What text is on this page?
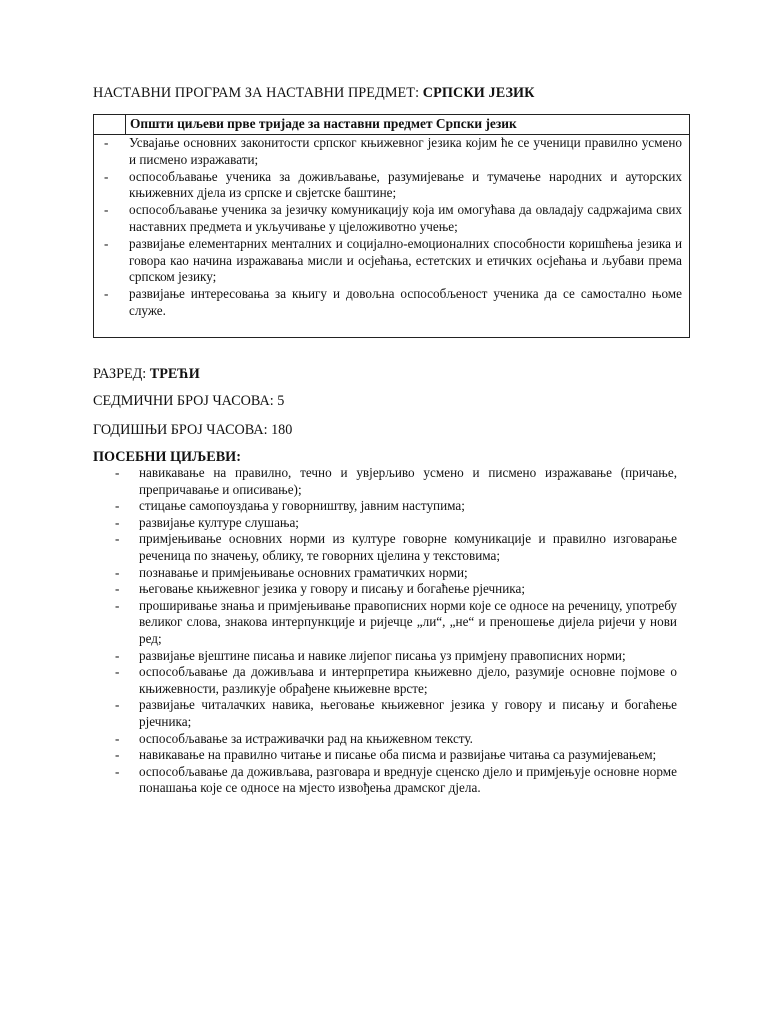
НАСТАВНИ ПРОГРАМ ЗА НАСТАВНИ ПРЕДМЕТ: СРПСКИ ЈЕЗИК
Општи циљеви прве тријаде за наставни предмет Српски језик
- Усвајање основних законитости српског књижевног језика којим ће се ученици правилно усмено и писмено изражавати;
- оспособљавање ученика за доживљавање, разумијевање и тумачење народних и ауторских књижевних дјела из српске и свјетске баштине;
- оспособљавање ученика за језичку комуникацију која им омогућава да овладају садржајима свих наставних предмета и укључивање у цјеложивотно учење;
- развијање елементарних менталних и социјално-емоционалних способности коришћења језика и говора као начина изражавања мисли и осјећања, естетских и етичких осјећања и љубави према српском језику;
- развијање интересовања за књигу и довољна оспособљеност ученика да се самостално њоме служе.
РАЗРЕД: ТРЕЋИ
СЕДМИЧНИ БРОЈ ЧАСОВА: 5
ГОДИШЊИ БРОЈ ЧАСОВА: 180
ПОСЕБНИ ЦИЉЕВИ:
- навикавање на правилно, течно и увјерљиво усмено и писмено изражавање (причање, препричавање и описивање);
- стицање самопоуздања у говорништву, јавним наступима;
- развијање културе слушања;
- примјењивање основних норми из културе говорне комуникације и правилно изговарање реченица по значењу, облику, те говорних цјелина у текстовима;
- познавање и примјењивање основних граматичких норми;
- његовање књижевног језика у говору и писању и богаћење рјечника;
- проширивање знања и примјењивање правописних норми које се односе на реченицу, употребу великог слова, знакова интерпункције и ријечце „ли“, „не“ и преношење дијела ријечи у нови ред;
- развијање вјештине писања и навике лијепог писања уз примјену правописних норми;
- оспособљавање да доживљава и интерпретира књижевно дјело, разумије основне појмове о књижевности, разликује обрађене књижевне врсте;
- развијање читалачких навика, његовање књижевног језика у говору и писању и богаћење рјечника;
- оспособљавање за истраживачки рад на књижевном тексту.
- навикавање на правилно читање и писање оба писма и развијање читања са разумијевањем;
- оспособљавање да доживљава, разговара и вреднује сценско дјело и примјењује основне норме понашања које се односе на мјесто извођења драмског дјела.
